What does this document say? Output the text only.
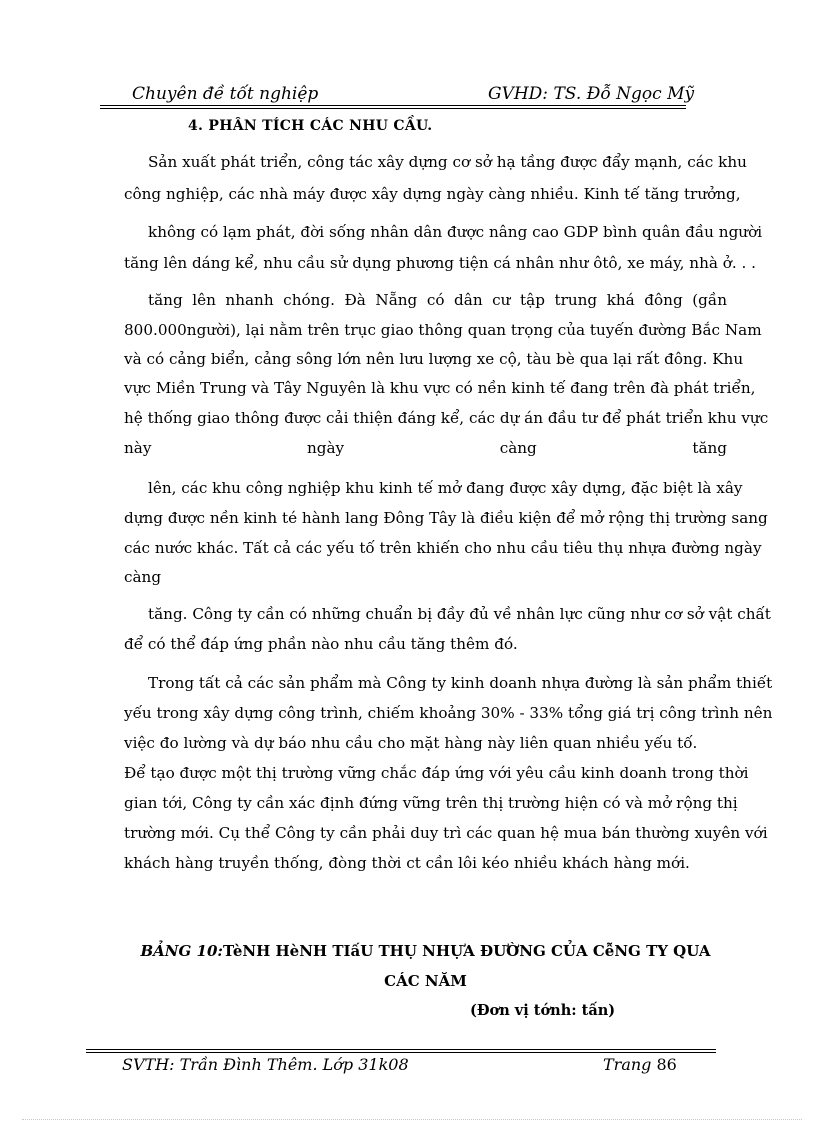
Chuyên đề tốt nghiệp	GVHD: TS. Đỗ Ngọc Mỹ
4. PHÂN TÍCH CÁC NHU CẦU.
Sản xuất phát triển, công tác xây dựng cơ sở hạ tầng được đẩy mạnh, các khu
công nghiệp, các nhà máy được xây dựng ngày càng nhiều. Kinh tế tăng trưởng,
không có lạm phát, đời sống nhân dân được nâng cao GDP bình quân đầu người
tăng lên dáng kể, nhu cầu sử dụng phương tiện cá nhân như ôtô, xe máy, nhà ở. . .
tăng lên nhanh chóng. Đà Nẵng có dân cư tập trung khá đông (gần
800.000người), lại nằm trên trục giao thông quan trọng của tuyến đường Bắc Nam
và có cảng biển, cảng sông lớn nên lưu lượng xe cộ, tàu bè qua lại rất đông. Khu
vực Miền Trung và Tây Nguyên là khu vực có nền kinh tế đang trên đà phát triển,
hệ thống giao thông được cải thiện đáng kể, các dự án đầu tư để phát triển khu vực
này ngày càng tăng
lên, các khu công nghiệp khu kinh tế mở đang được xây dựng, đặc biệt là xây
dựng được nền kinh té hành lang Đông Tây là điều kiện để mở rộng thị trường sang
các nước khác. Tất cả các yếu tố trên khiến cho nhu cầu tiêu thụ nhựa đường ngày
càng
tăng. Công ty cần có những chuẩn bị đầy đủ về nhân lực cũng như cơ sở vật chất
để có thể đáp ứng phần nào nhu cầu tăng thêm đó.
Trong tất cả các sản phẩm mà Công ty kinh doanh nhựa đường là sản phẩm thiết
yếu trong xây dựng công trình, chiếm khoảng 30% - 33% tổng giá trị công trình nên
việc đo lường và dự báo nhu cầu cho mặt hàng này liên quan nhiều yếu tố.
Để tạo được một thị trường vững chắc đáp ứng với yêu cầu kinh doanh trong thời
gian tới, Công ty cần xác định đứng vững trên thị trường hiện có và mở rộng thị
trường mới. Cụ thể Công ty cần phải duy trì các quan hệ mua bán thường xuyên với
khách hàng truyền thống, đòng thời ct cần lôi kéo nhiều khách hàng mới.
BẢNG 10:TèNH HèNH TIấU THỤ NHỰA ĐƯỜNG CỦA CễNG TY QUA
CÁC NĂM
(Đơn vị tớnh: tấn)
SVTH: Trần Đình Thêm. Lớp 31k08	Trang 86
